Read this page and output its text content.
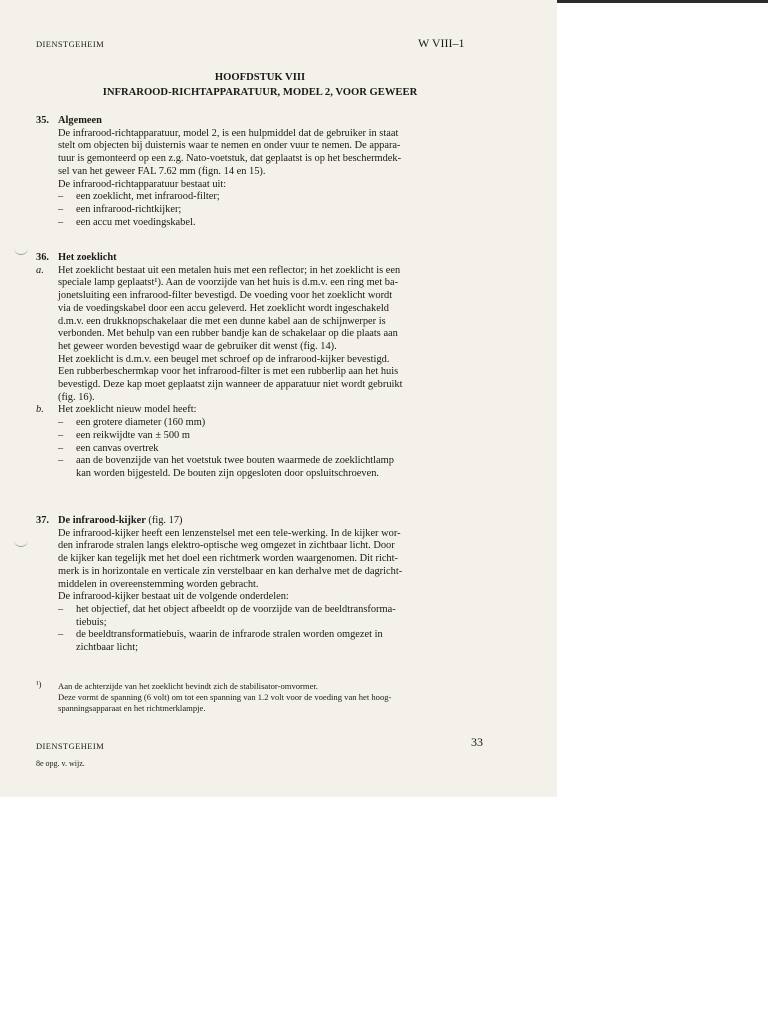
DIENSTGEHEIM	W VIII–1
HOOFDSTUK VIII
INFRAROOD-RICHTAPPARATUUR, MODEL 2, VOOR GEWEER
35. Algemeen
De infrarood-richtapparatuur, model 2, is een hulpmiddel dat de gebruiker in staat
stelt om objecten bij duisternis waar te nemen en onder vuur te nemen. De appara-
tuur is gemonteerd op een z.g. Nato-voetstuk, dat geplaatst is op het beschermdek-
sel van het geweer FAL 7.62 mm (fign. 14 en 15).
De infrarood-richtapparatuur bestaat uit:
– een zoeklicht, met infrarood-filter;
– een infrarood-richtkijker;
– een accu met voedingskabel.
36. Het zoeklicht
a. Het zoeklicht bestaat uit een metalen huis met een reflector; in het zoeklicht is een
speciale lamp geplaatst¹). Aan de voorzijde van het huis is d.m.v. een ring met ba-
jonetsluiting een infrarood-filter bevestigd. De voeding voor het zoeklicht wordt
via de voedingskabel door een accu geleverd. Het zoeklicht wordt ingeschakeld
d.m.v. een drukknopschakelaar die met een dunne kabel aan de schijnwerper is
verbonden. Met behulp van een rubber bandje kan de schakelaar op die plaats aan
het geweer worden bevestigd waar de gebruiker dit wenst (fig. 14).
Het zoeklicht is d.m.v. een beugel met schroef op de infrarood-kijker bevestigd.
Een rubberbeschermkap voor het infrarood-filter is met een rubberlip aan het huis
bevestigd. Deze kap moet geplaatst zijn wanneer de apparatuur niet wordt gebruikt
(fig. 16).
b. Het zoeklicht nieuw model heeft:
– een grotere diameter (160 mm)
– een reikwijdte van ± 500 m
– een canvas overtrek
– aan de bovenzijde van het voetstuk twee bouten waarmede de zoeklichtlamp
kan worden bijgesteld. De bouten zijn opgesloten door opsluitschroeven.
37. De infrarood-kijker (fig. 17)
De infrarood-kijker heeft een lenzenstelsel met een tele-werking. In de kijker wor-
den infrarode stralen langs elektro-optische weg omgezet in zichtbaar licht. Door
de kijker kan tegelijk met het doel een richtmerk worden waargenomen. Dit richt-
merk is in horizontale en verticale zin verstelbaar en kan derhalve met de dagricht-
middelen in overeenstemming worden gebracht.
De infrarood-kijker bestaat uit de volgende onderdelen:
– het objectief, dat het object afbeeldt op de voorzijde van de beeldtransforma-
tiebuis;
– de beeldtransformatiebuis, waarin de infrarode stralen worden omgezet in
zichtbaar licht;
¹)	Aan de achterzijde van het zoeklicht bevindt zich de stabilisator-omvormer.
Deze vormt de spanning (6 volt) om tot een spanning van 1.2 volt voor de voeding van het hoog-
spanningsapparaat en het richtmerklampje.
DIENSTGEHEIM	33
8e opg. v. wijz.
